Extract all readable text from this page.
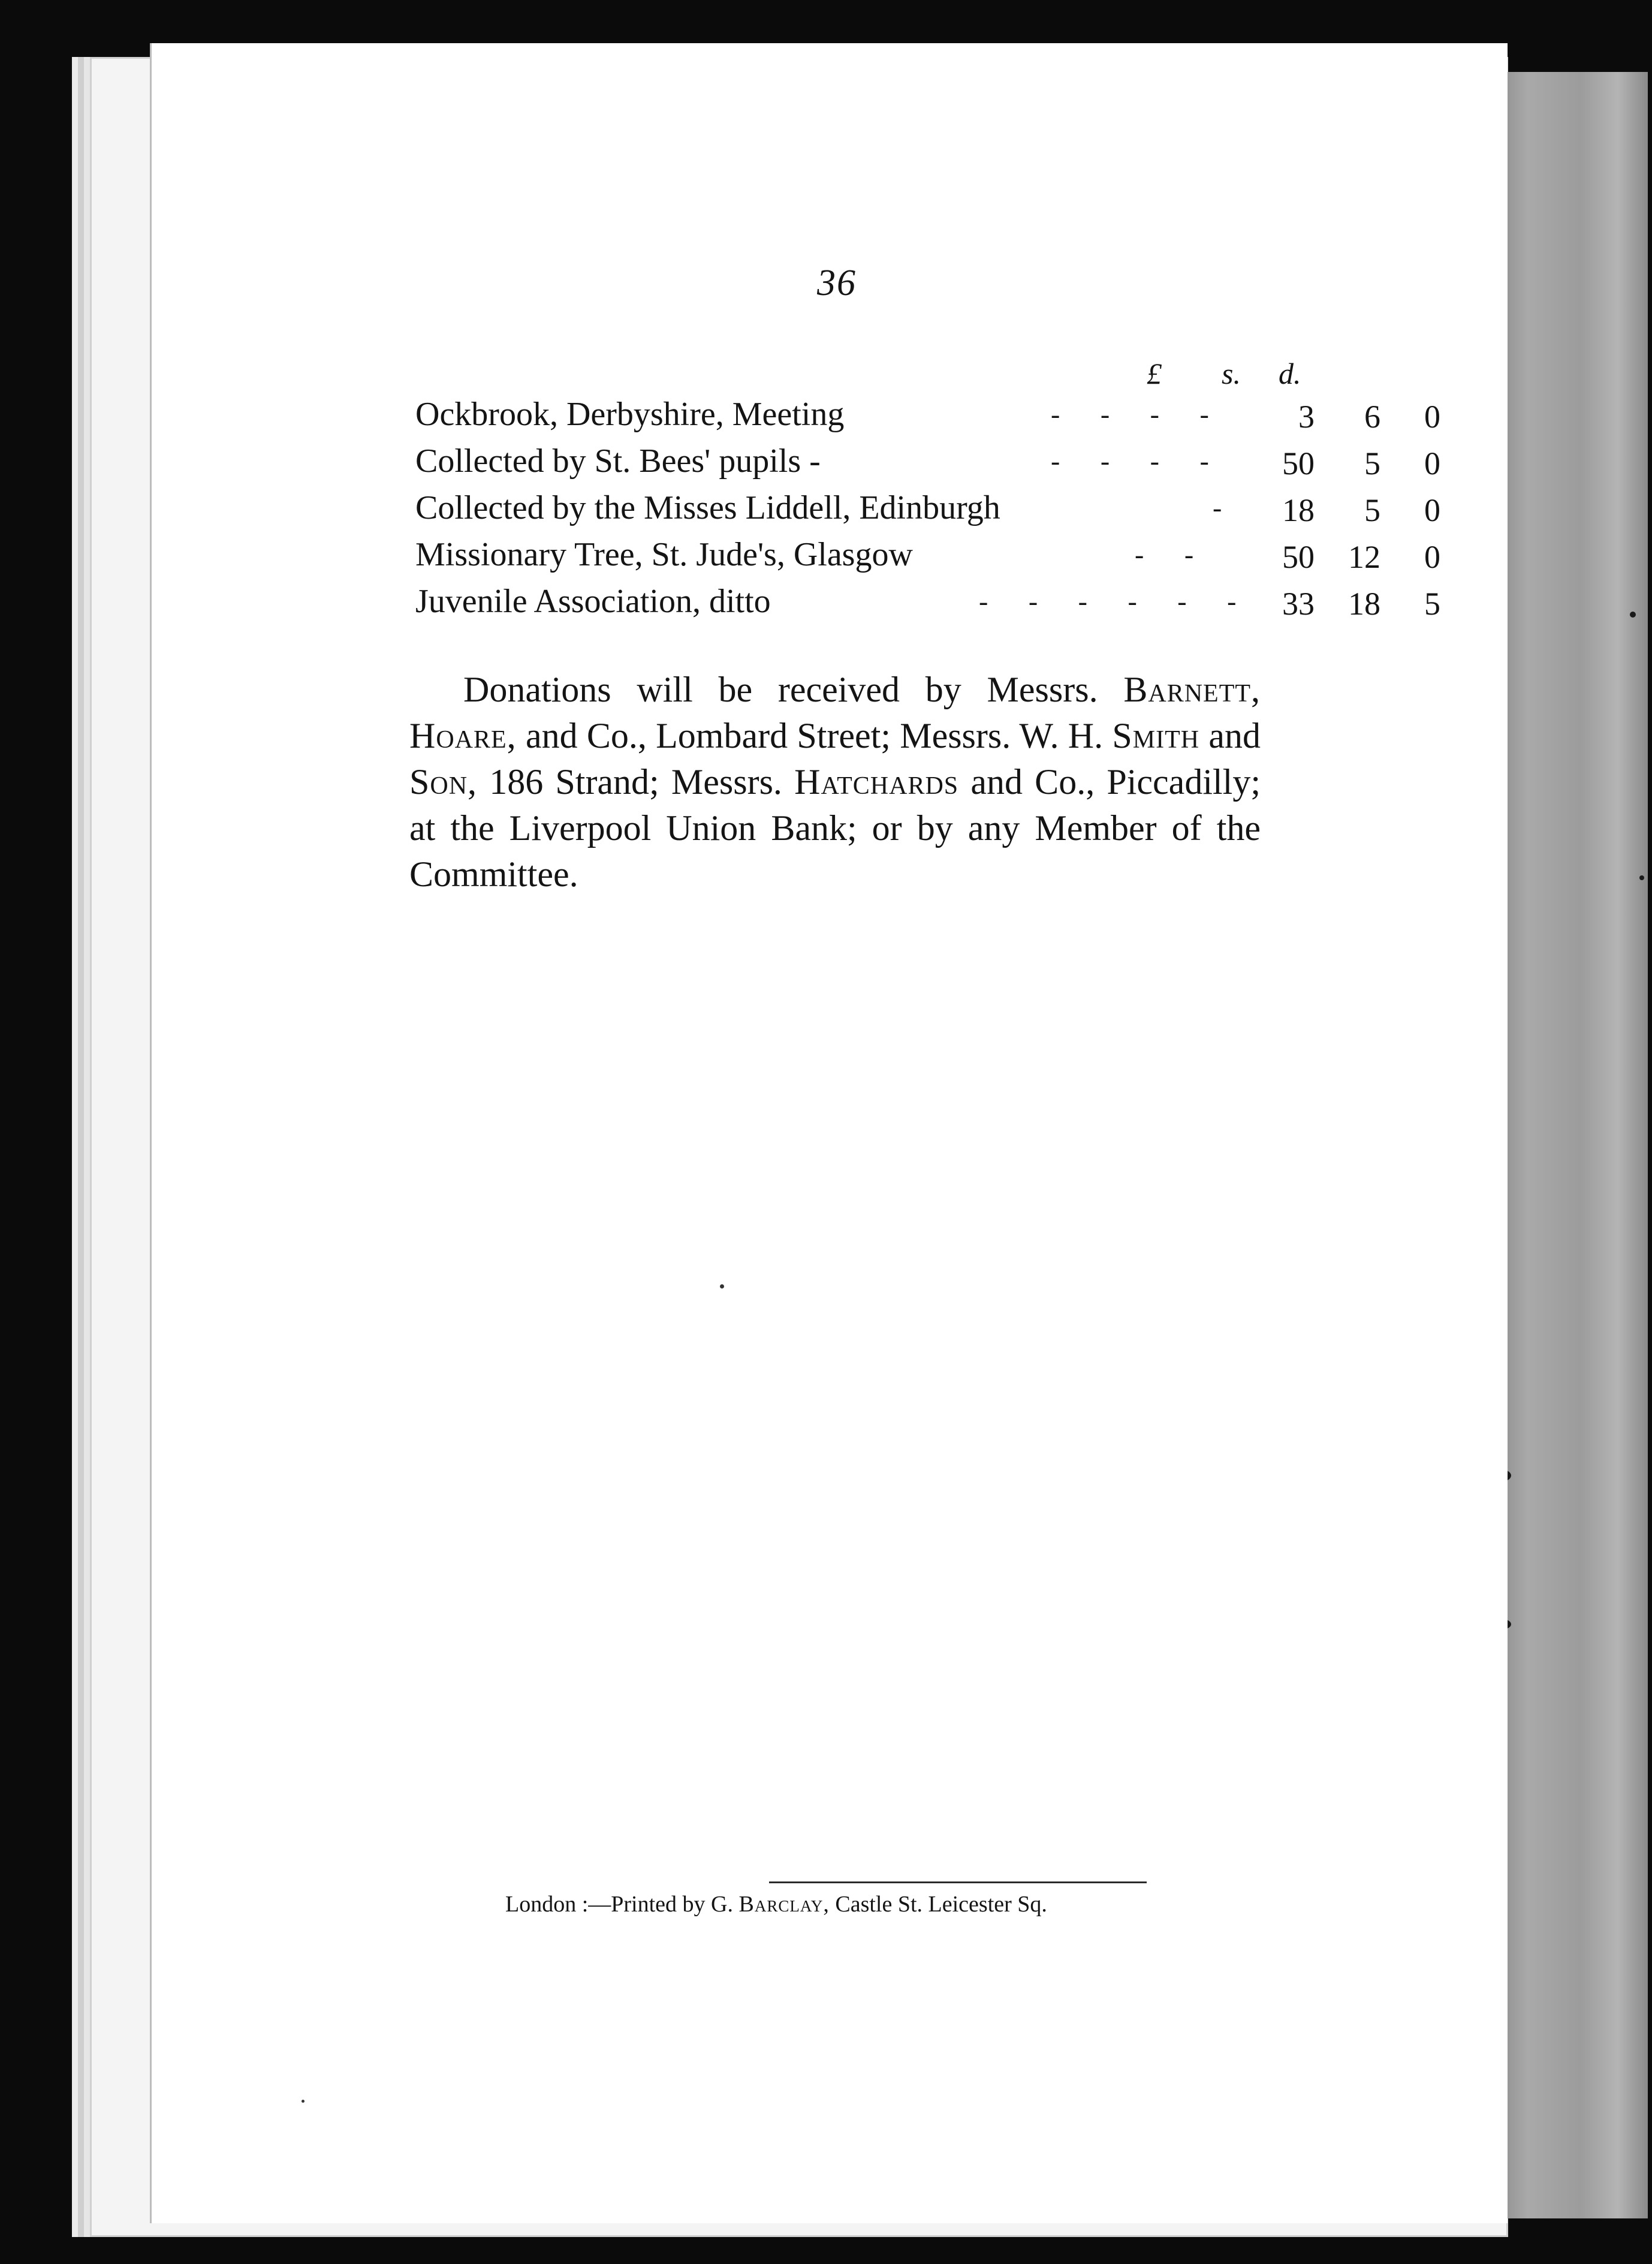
36
£ s. d.
Ockbrook, Derbyshire, Meeting	- - - -	3	6	0
Collected by St. Bees' pupils -	- - - -	50	5	0
Collected by the Misses Liddell, Edinburgh	-	18	5	0
Missionary Tree, St. Jude's, Glasgow	- -	50	12	0
Juvenile Association, ditto	- - - - - - 33	18	5

Donations will be received by Messrs. Barnett, Hoare, and Co., Lombard Street; Messrs. W. H. Smith and Son, 186 Strand; Messrs. Hatchards and Co., Piccadilly; at the Liverpool Union Bank; or by any Member of the Committee.

London :—Printed by G. Barclay, Castle St. Leicester Sq.
